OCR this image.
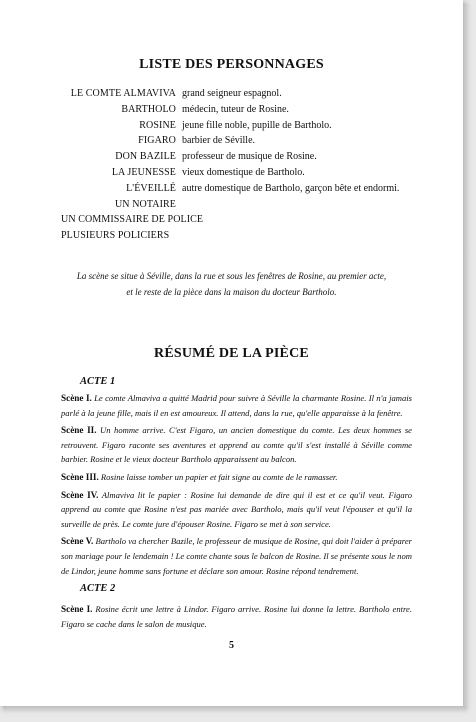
LISTE DES PERSONNAGES
LE COMTE ALMAVIVA grand seigneur espagnol.
BARTHOLO médecin, tuteur de Rosine.
ROSINE jeune fille noble, pupille de Bartholo.
FIGARO barbier de Séville.
DON BAZILE professeur de musique de Rosine.
LA JEUNESSE vieux domestique de Bartholo.
L'ÉVEILLÉ autre domestique de Bartholo, garçon bête et endormi.
UN NOTAIRE
UN COMMISSAIRE DE POLICE
PLUSIEURS POLICIERS
La scène se situe à Séville, dans la rue et sous les fenêtres de Rosine, au premier acte,
et le reste de la pièce dans la maison du docteur Bartholo.
RÉSUMÉ DE LA PIÈCE
ACTE 1

Scène I. Le comte Almaviva a quitté Madrid pour suivre à Séville la charmante Rosine. Il n'a jamais parlé à la jeune fille, mais il en est amoureux. Il attend, dans la rue, qu'elle apparaisse à la fenêtre.

Scène II. Un homme arrive. C'est Figaro, un ancien domestique du comte. Les deux hommes se retrouvent. Figaro raconte ses aventures et apprend au comte qu'il s'est installé à Séville comme barbier. Rosine et le vieux docteur Bartholo apparaissent au balcon.

Scène III. Rosine laisse tomber un papier et fait signe au comte de le ramasser.

Scène IV. Almaviva lit le papier : Rosine lui demande de dire qui il est et ce qu'il veut. Figaro apprend au comte que Rosine n'est pas mariée avec Bartholo, mais qu'il veut l'épouser et qu'il la surveille de près. Le comte jure d'épouser Rosine. Figaro se met à son service.

Scène V. Bartholo va chercher Bazile, le professeur de musique de Rosine, qui doit l'aider à préparer son mariage pour le lendemain ! Le comte chante sous le balcon de Rosine. Il se présente sous le nom de Lindor, jeune homme sans fortune et déclare son amour. Rosine répond tendrement.

ACTE 2

Scène I. Rosine écrit une lettre à Lindor. Figaro arrive. Rosine lui donne la lettre. Bartholo entre. Figaro se cache dans le salon de musique.

5
